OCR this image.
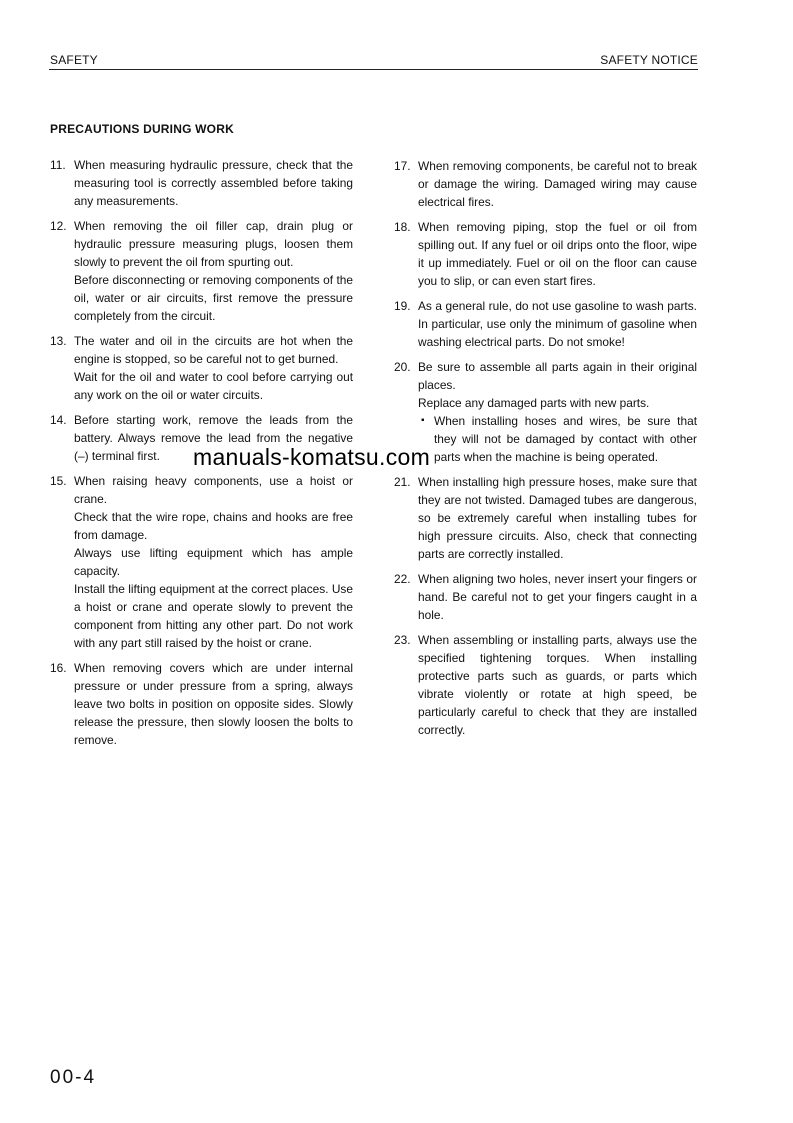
SAFETY	SAFETY NOTICE
PRECAUTIONS DURING WORK
11. When measuring hydraulic pressure, check that the measuring tool is correctly assembled before taking any measurements.

12. When removing the oil filler cap, drain plug or hydraulic pressure measuring plugs, loosen them slowly to prevent the oil from spurting out.

Before disconnecting or removing components of the oil, water or air circuits, first remove the pressure completely from the circuit.

13. The water and oil in the circuits are hot when the engine is stopped, so be careful not to get burned.

Wait for the oil and water to cool before carrying out any work on the oil or water circuits.

14. Before starting work, remove the leads from the battery. Always remove the lead from the negative (–) terminal first.

15. When raising heavy components, use a hoist or crane.

Check that the wire rope, chains and hooks are free from damage.

Always use lifting equipment which has ample capacity.

Install the lifting equipment at the correct places. Use a hoist or crane and operate slowly to prevent the component from hitting any other part. Do not work with any part still raised by the hoist or crane.

16. When removing covers which are under internal pressure or under pressure from a spring, always leave two bolts in position on opposite sides. Slowly release the pressure, then slowly loosen the bolts to remove.

17. When removing components, be careful not to break or damage the wiring. Damaged wiring may cause electrical fires.

18. When removing piping, stop the fuel or oil from spilling out. If any fuel or oil drips onto the floor, wipe it up immediately. Fuel or oil on the floor can cause you to slip, or can even start fires.

19. As a general rule, do not use gasoline to wash parts. In particular, use only the minimum of gasoline when washing electrical parts. Do not smoke!

20. Be sure to assemble all parts again in their original places.

Replace any damaged parts with new parts.

▪ When installing hoses and wires, be sure that they will not be damaged by contact with other parts when the machine is being operated.
21. When installing high pressure hoses, make sure that they are not twisted. Damaged tubes are dangerous, so be extremely careful when installing tubes for high pressure circuits. Also, check that connecting parts are correctly installed.

22. When aligning two holes, never insert your fingers or hand. Be careful not to get your fingers caught in a hole.

23. When assembling or installing parts, always use the specified tightening torques. When installing protective parts such as guards, or parts which vibrate violently or rotate at high speed, be particularly careful to check that they are installed correctly.

manuals-komatsu.com
00-4
